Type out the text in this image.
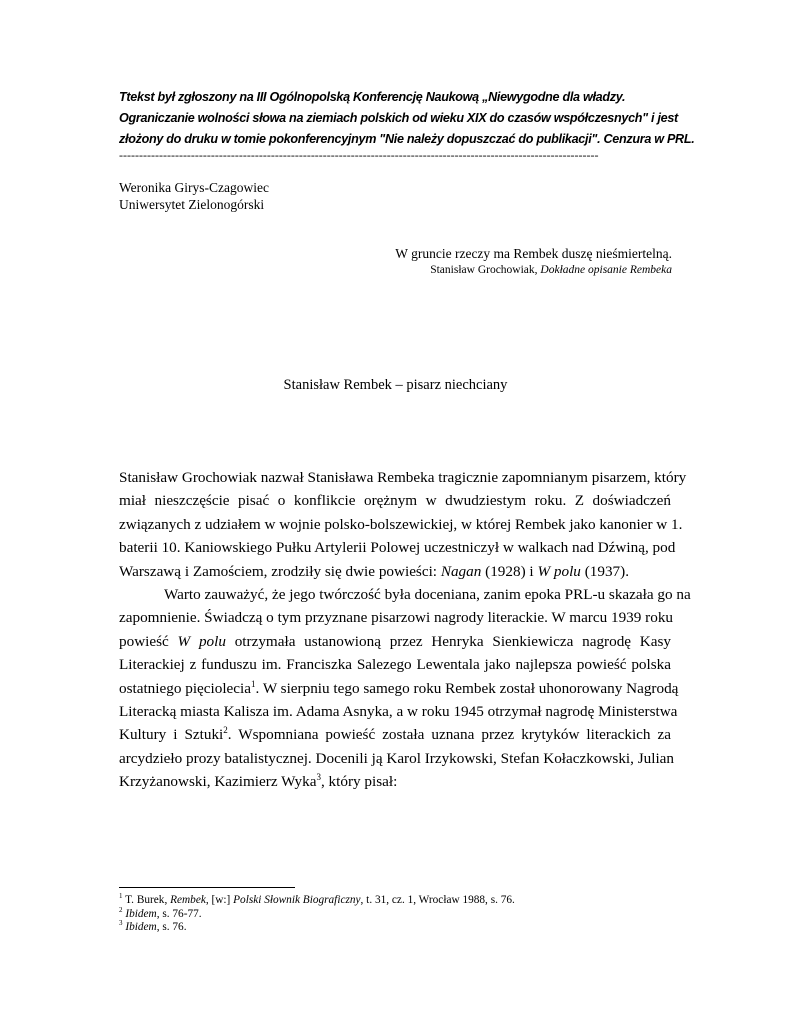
Ttekst był zgłoszony na III Ogólnopolską Konferencję Naukową „Niewygodne dla władzy.
Ograniczanie wolności słowa na ziemiach polskich od wieku XIX do czasów współczesnych" i jest
złożony do druku w tomie pokonferencyjnym "Nie należy dopuszczać do publikacji". Cenzura w PRL.
------------------------------------------------------------------------------------------------------------------------
Weronika Girys-Czagowiec
Uniwersytet Zielonogórski
W gruncie rzeczy ma Rembek duszę nieśmiertelną.
Stanisław Grochowiak, Dokładne opisanie Rembeka
Stanisław Rembek – pisarz niechciany
Stanisław Grochowiak nazwał Stanisława Rembeka tragicznie zapomnianym pisarzem, który
miał nieszczęście pisać o konflikcie orężnym w dwudziestym roku. Z doświadczeń
związanych z udziałem w wojnie polsko-bolszewickiej, w której Rembek jako kanonier w 1.
baterii 10. Kaniowskiego Pułku Artylerii Polowej uczestniczył w walkach nad Dźwiną, pod
Warszawą i Zamościem, zrodziły się dwie powieści: Nagan (1928) i W polu (1937).
Warto zauważyć, że jego twórczość była doceniana, zanim epoka PRL-u skazała go na
zapomnienie. Świadczą o tym przyznane pisarzowi nagrody literackie. W marcu 1939 roku
powieść W polu otrzymała ustanowioną przez Henryka Sienkiewicza nagrodę Kasy
Literackiej z funduszu im. Franciszka Salezego Lewentala jako najlepsza powieść polska
ostatniego pięciolecia$^1$. W sierpniu tego samego roku Rembek został uhonorowany Nagrodą
Literacką miasta Kalisza im. Adama Asnyka, a w roku 1945 otrzymał nagrodę Ministerstwa
Kultury i Sztuki$^2$. Wspomniana powieść została uznana przez krytyków literackich za
arcydzieło prozy batalistycznej. Docenili ją Karol Irzykowski, Stefan Kołaczkowski, Julian
Krzyżanowski, Kazimierz Wyka$^3$, który pisał:
$^1$ T. Burek, Rembek, [w:] Polski Słownik Biograficzny, t. 31, cz. 1, Wrocław 1988, s. 76.
$^2$ Ibidem, s. 76-77.
$^3$ Ibidem, s. 76.
